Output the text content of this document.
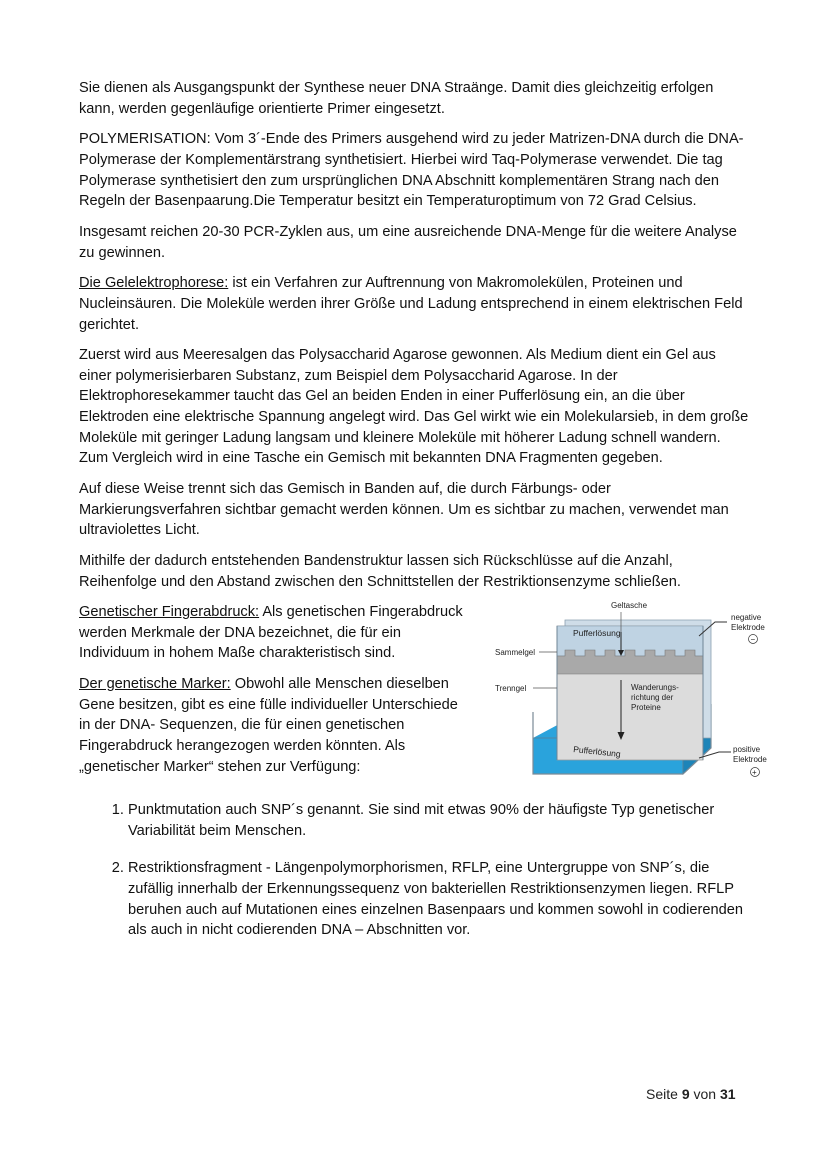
Sie dienen als Ausgangspunkt der Synthese neuer DNA Straänge. Damit dies gleichzeitig erfolgen kann, werden gegenläufige orientierte Primer eingesetzt.

POLYMERISATION: Vom 3´-Ende des Primers ausgehend wird zu jeder Matrizen-DNA durch die DNA-Polymerase der Komplementärstrang synthetisiert. Hierbei wird Taq-Polymerase verwendet. Die tag Polymerase synthetisiert den zum ursprünglichen DNA Abschnitt komplementären Strang nach den Regeln der Basenpaarung.Die Temperatur besitzt ein Temperaturoptimum von 72 Grad Celsius.

Insgesamt reichen 20-30 PCR-Zyklen aus, um eine ausreichende DNA-Menge für die weitere Analyse zu gewinnen.

Die Gelelektrophorese: ist ein Verfahren zur Auftrennung von Makromolekülen, Proteinen und Nucleinsäuren. Die Moleküle werden ihrer Größe und Ladung entsprechend in einem elektrischen Feld gerichtet.

Zuerst wird aus Meeresalgen das Polysaccharid Agarose gewonnen. Als Medium dient ein Gel aus einer polymerisierbaren Substanz, zum Beispiel dem Polysaccharid Agarose. In der Elektrophoresekammer taucht das Gel an beiden Enden in einer Pufferlösung ein, an die über Elektroden eine elektrische Spannung angelegt wird. Das Gel wirkt wie ein Molekularsieb, in dem große Moleküle mit geringer Ladung langsam und kleinere Moleküle mit höherer Ladung schnell wandern. Zum Vergleich wird in eine Tasche ein Gemisch mit bekannten DNA Fragmenten gegeben.

Auf diese Weise trennt sich das Gemisch in Banden auf, die durch Färbungs- oder Markierungsverfahren sichtbar gemacht werden können. Um es sichtbar zu machen, verwendet man ultraviolettes Licht.

Mithilfe der dadurch entstehenden Bandenstruktur lassen sich Rückschlüsse auf die Anzahl, Reihenfolge und den Abstand zwischen den Schnittstellen der Restriktionsenzyme schließen.

Genetischer Fingerabdruck: Als genetischen Fingerabdruck

werden Merkmale der DNA bezeichnet, die für ein

Individuum in hohem Maße charakteristisch sind.

Der genetische Marker: Obwohl alle Menschen dieselben

Gene besitzen, gibt es eine fülle individueller Unterschiede

in der DNA- Sequenzen, die für einen genetischen

Fingerabdruck herangezogen werden könnten. Als

„genetischer Marker“ stehen zur Verfügung:

Geltasche
Pufferlösung
negative
Elektrode
−
Sammelgel
Trenngel	Wanderungs-
richtung der
Proteine
Pufferlösung	positive
Elektrode
+
1. Punktmutation auch SNP´s genannt. Sie sind mit etwas 90% der häufigste Typ genetischer Variabilität beim Menschen.
2. Restriktionsfragment - Längenpolymorphorismen, RFLP, eine Untergruppe von SNP´s, die zufällig innerhalb der Erkennungssequenz von bakteriellen Restriktionsenzymen liegen. RFLP beruhen auch auf Mutationen eines einzelnen Basenpaars und kommen sowohl in codierenden als auch in nicht codierenden DNA – Abschnitten vor.
Seite 9 von 31
